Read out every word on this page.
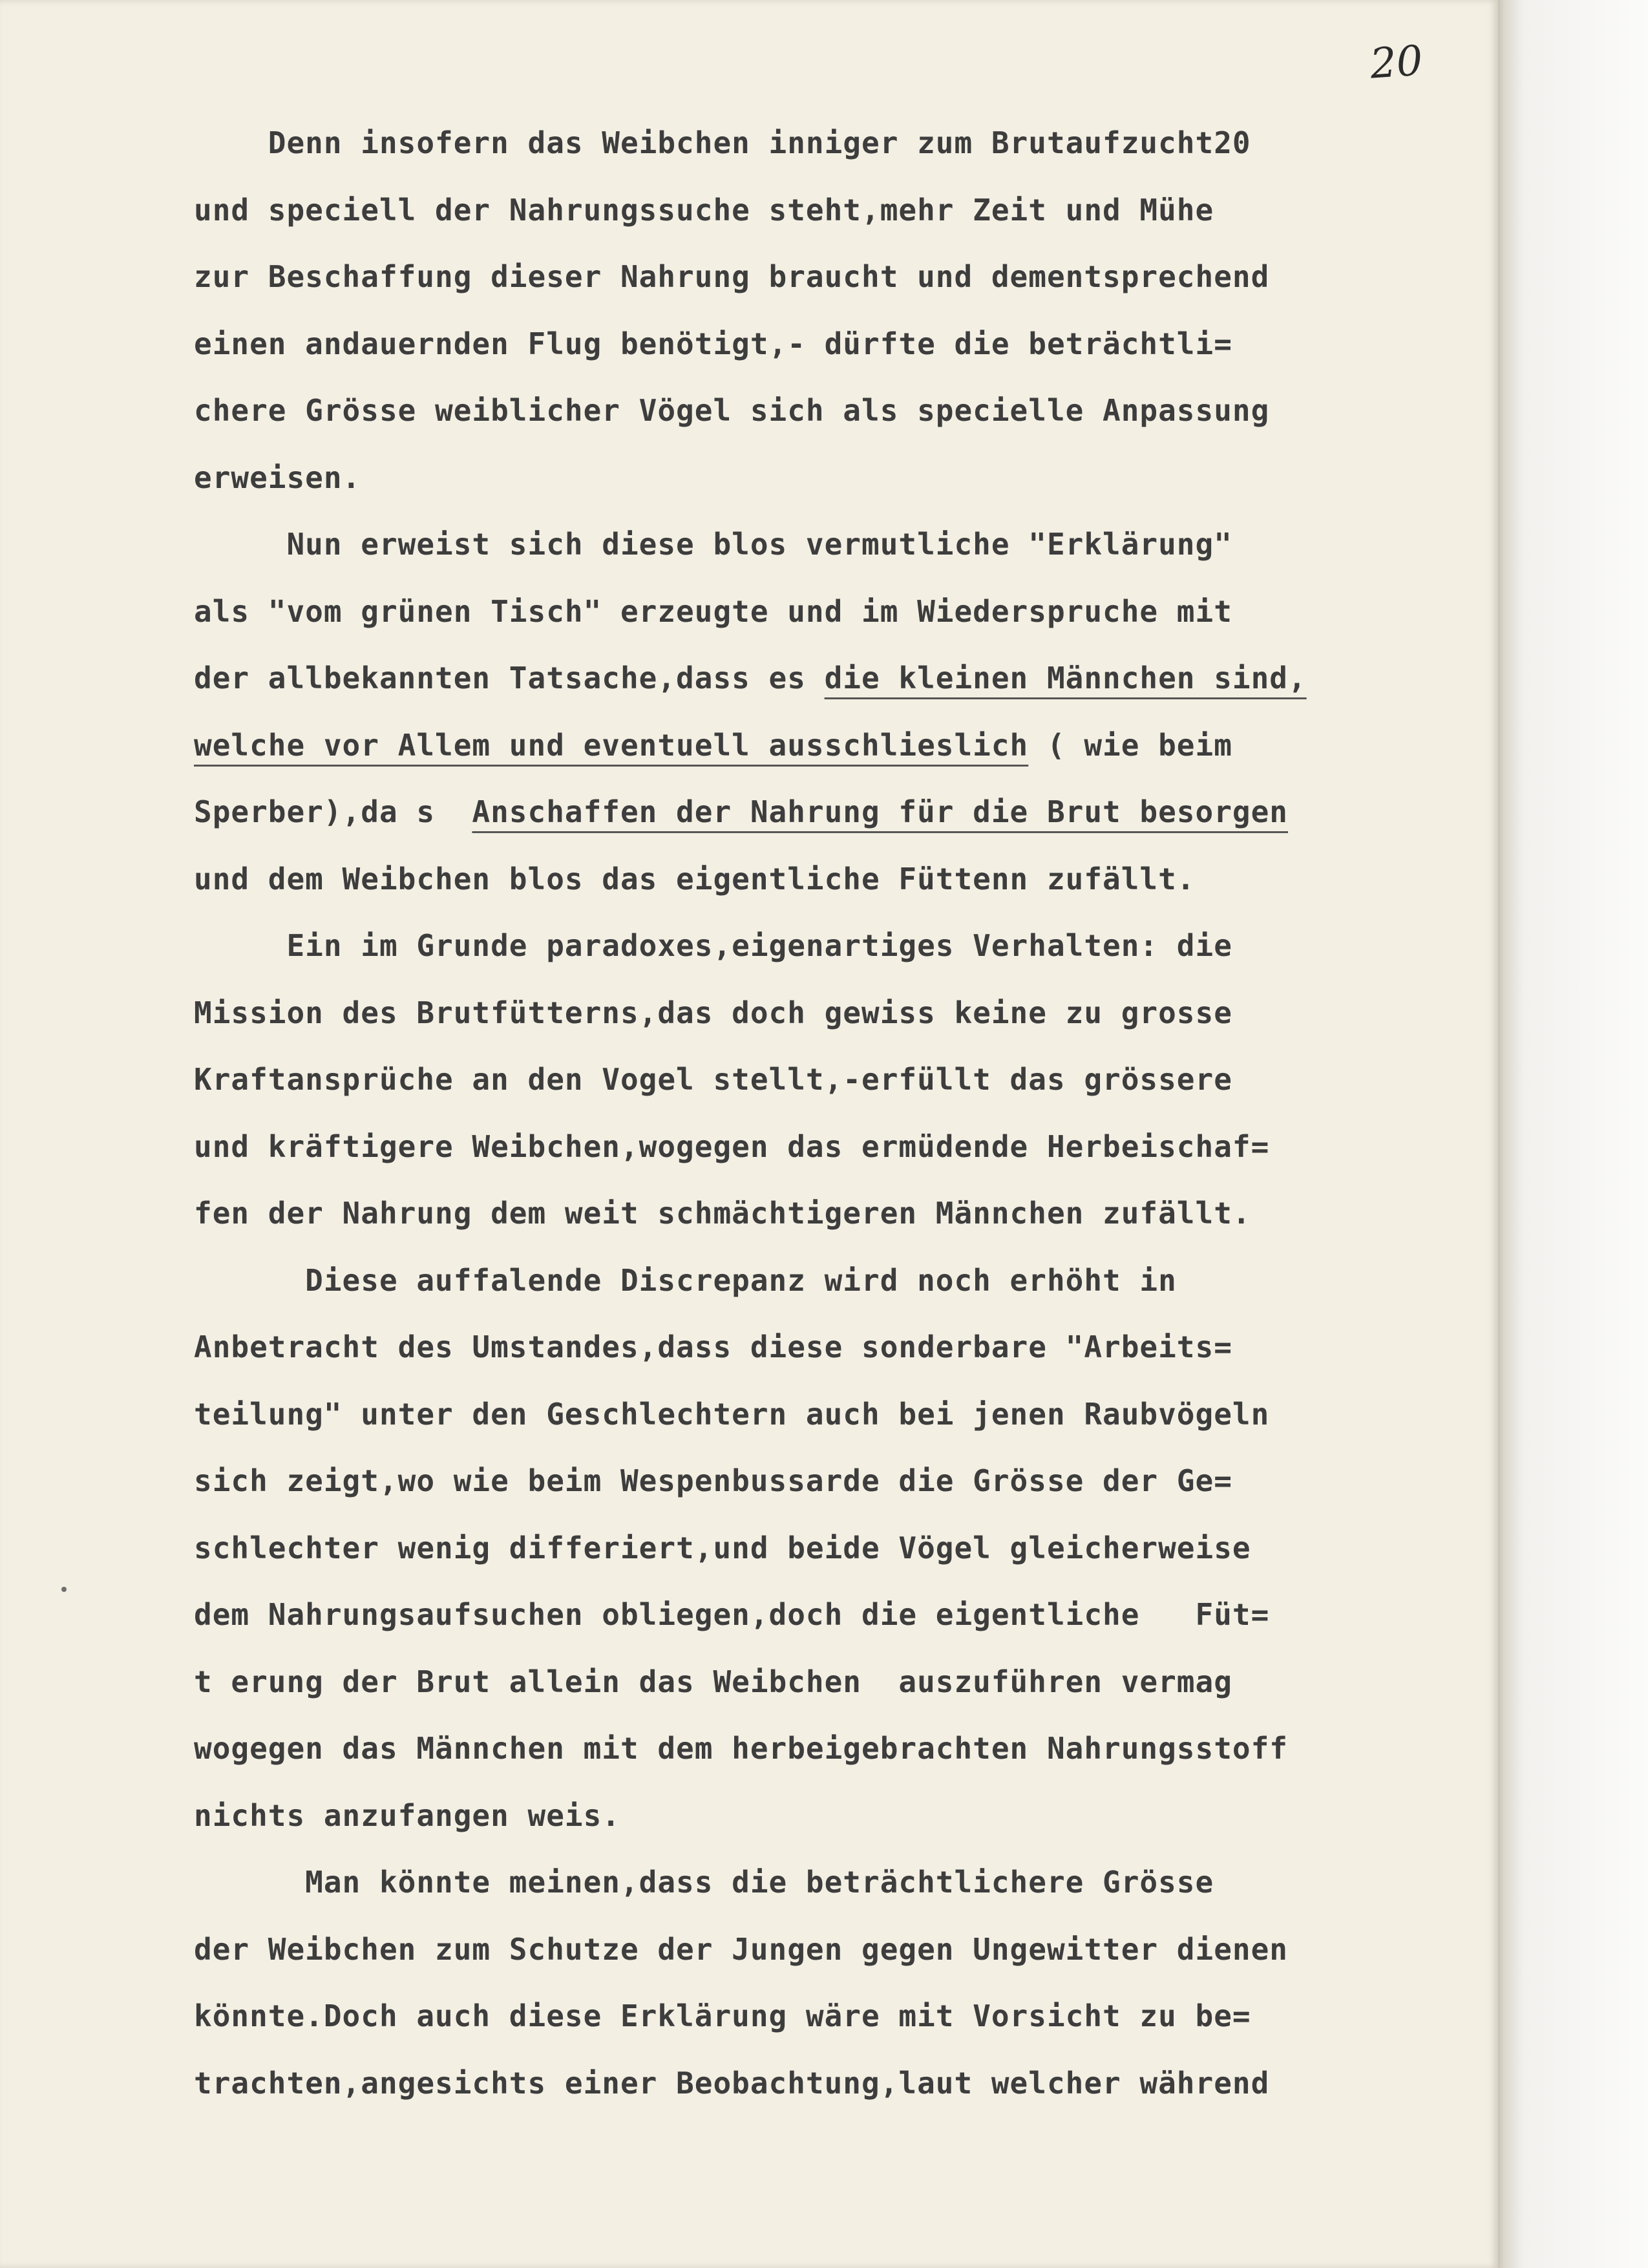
20
Denn insofern das Weibchen inniger zum Brutaufzucht20
und speciell der Nahrungssuche steht,mehr Zeit und Mühe
zur Beschaffung dieser Nahrung braucht und dementsprechend
einen andauernden Flug benötigt,- dürfte die beträchtli=
chere Grösse weiblicher Vögel sich als specielle Anpassung
erweisen.
Nun erweist sich diese blos vermutliche "Erklärung"
als "vom grünen Tisch" erzeugte und im Wiederspruche mit
der allbekannten Tatsache,dass es die kleinen Männchen sind,
welche vor Allem und eventuell ausschlieslich ( wie beim
Sperber),da s  Anschaffen der Nahrung für die Brut besorgen
und dem Weibchen blos das eigentliche Füttenn zufällt.
Ein im Grunde paradoxes,eigenartiges Verhalten: die
Mission des Brutfütterns,das doch gewiss keine zu grosse
Kraftansprüche an den Vogel stellt,-erfüllt das grössere
und kräftigere Weibchen,wogegen das ermüdende Herbeischaf=
fen der Nahrung dem weit schmächtigeren Männchen zufällt.
Diese auffalende Discrepanz wird noch erhöht in
Anbetracht des Umstandes,dass diese sonderbare "Arbeits=
teilung" unter den Geschlechtern auch bei jenen Raubvögeln
sich zeigt,wo wie beim Wespenbussarde die Grösse der Ge=
schlechter wenig differiert,und beide Vögel gleicherweise
dem Nahrungsaufsuchen obliegen,doch die eigentliche   Füt=
t erung der Brut allein das Weibchen  auszuführen vermag
wogegen das Männchen mit dem herbeigebrachten Nahrungsstoff
nichts anzufangen weis.
Man könnte meinen,dass die beträchtlichere Grösse
der Weibchen zum Schutze der Jungen gegen Ungewitter dienen
könnte.Doch auch diese Erklärung wäre mit Vorsicht zu be=
trachten,angesichts einer Beobachtung,laut welcher während
